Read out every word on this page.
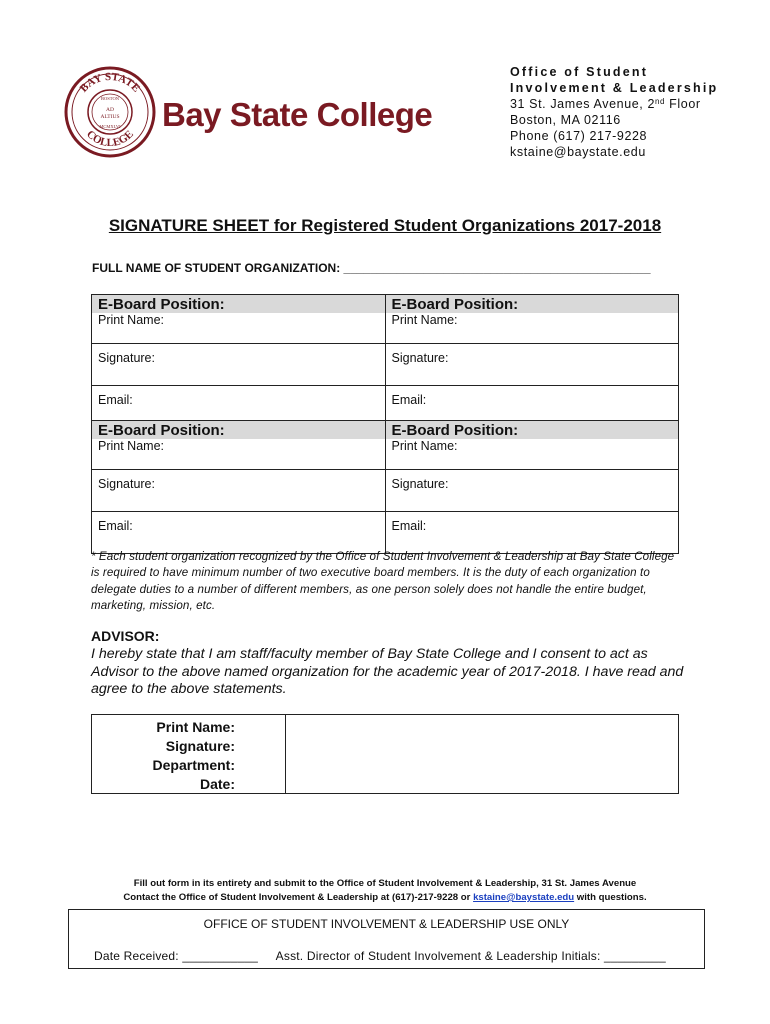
BAY STATE
COLLEGE
BOSTON
AD
ALTIUS
MCMXLVI Bay State College
Office of Student
Involvement & Leadership
31 St. James Avenue, 2nd Floor
Boston, MA 02116
Phone (617) 217-9228
kstaine@baystate.edu
SIGNATURE SHEET for Registered Student Organizations 2017-2018
FULL NAME OF STUDENT ORGANIZATION: ______________________________________________
E-Board Position:	E-Board Position:
Print Name:	Print Name:
Signature:	Signature:
Email:	Email:
E-Board Position:	E-Board Position:
Print Name:	Print Name:
Signature:	Signature:
Email:	Email:
* Each student organization recognized by the Office of Student Involvement & Leadership at Bay State College is required to have minimum number of two executive board members. It is the duty of each organization to delegate duties to a number of different members, as one person solely does not handle the entire budget, marketing, mission, etc.
ADVISOR:
I hereby state that I am staff/faculty member of Bay State College and I consent to act as Advisor to the above named organization for the academic year of 2017-2018. I have read and agree to the above statements.
Print Name:
Signature:
Department:
Date:
Fill out form in its entirety and submit to the Office of Student Involvement & Leadership, 31 St. James Avenue
Contact the Office of Student Involvement & Leadership at (617)-217-9228 or kstaine@baystate.edu with questions.
OFFICE OF STUDENT INVOLVEMENT & LEADERSHIP USE ONLY
Date Received: ___________ Asst. Director of Student Involvement & Leadership Initials: _________
